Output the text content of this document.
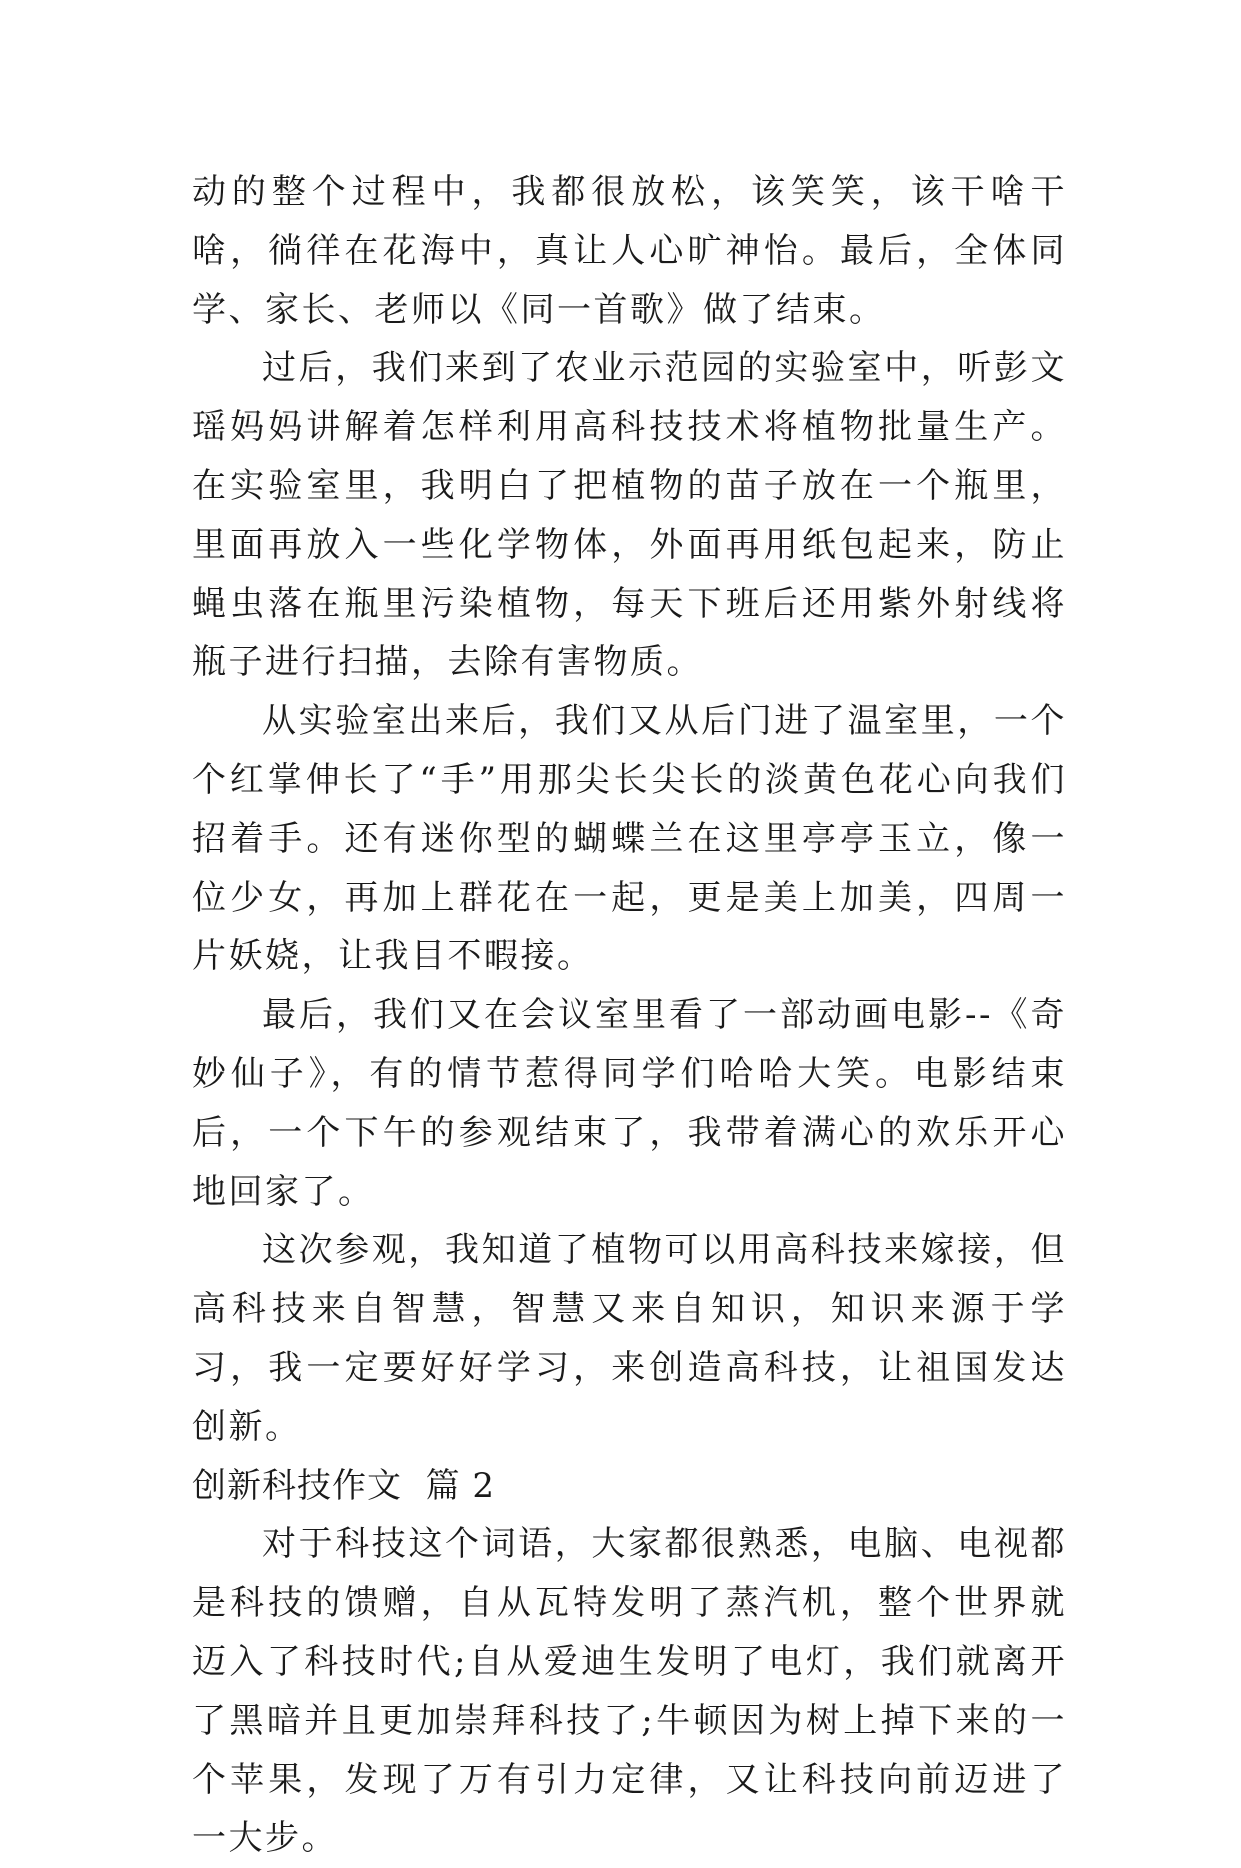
动的整个过程中，我都很放松，该笑笑，该干啥干啥，徜徉在花海中，真让人心旷神怡。最后，全体同学、家长、老师以《同一首歌》做了结束。

过后，我们来到了农业示范园的实验室中，听彭文瑶妈妈讲解着怎样利用高科技技术将植物批量生产。在实验室里，我明白了把植物的苗子放在一个瓶里，里面再放入一些化学物体，外面再用纸包起来，防止蝇虫落在瓶里污染植物，每天下班后还用紫外射线将瓶子进行扫描，去除有害物质。

从实验室出来后，我们又从后门进了温室里，一个个红掌伸长了“手”用那尖长尖长的淡黄色花心向我们招着手。还有迷你型的蝴蝶兰在这里亭亭玉立，像一位少女，再加上群花在一起，更是美上加美，四周一片妖娆，让我目不暇接。

最后，我们又在会议室里看了一部动画电影--《奇妙仙子》，有的情节惹得同学们哈哈大笑。电影结束后，一个下午的参观结束了，我带着满心的欢乐开心地回家了。

这次参观，我知道了植物可以用高科技来嫁接，但高科技来自智慧，智慧又来自知识，知识来源于学习，我一定要好好学习，来创造高科技，让祖国发达创新。

创新科技作文  篇 2

对于科技这个词语，大家都很熟悉，电脑、电视都是科技的馈赠，自从瓦特发明了蒸汽机，整个世界就迈入了科技时代;自从爱迪生发明了电灯，我们就离开了黑暗并且更加崇拜科技了;牛顿因为树上掉下来的一个苹果，发现了万有引力定律，又让科技向前迈进了一大步。
